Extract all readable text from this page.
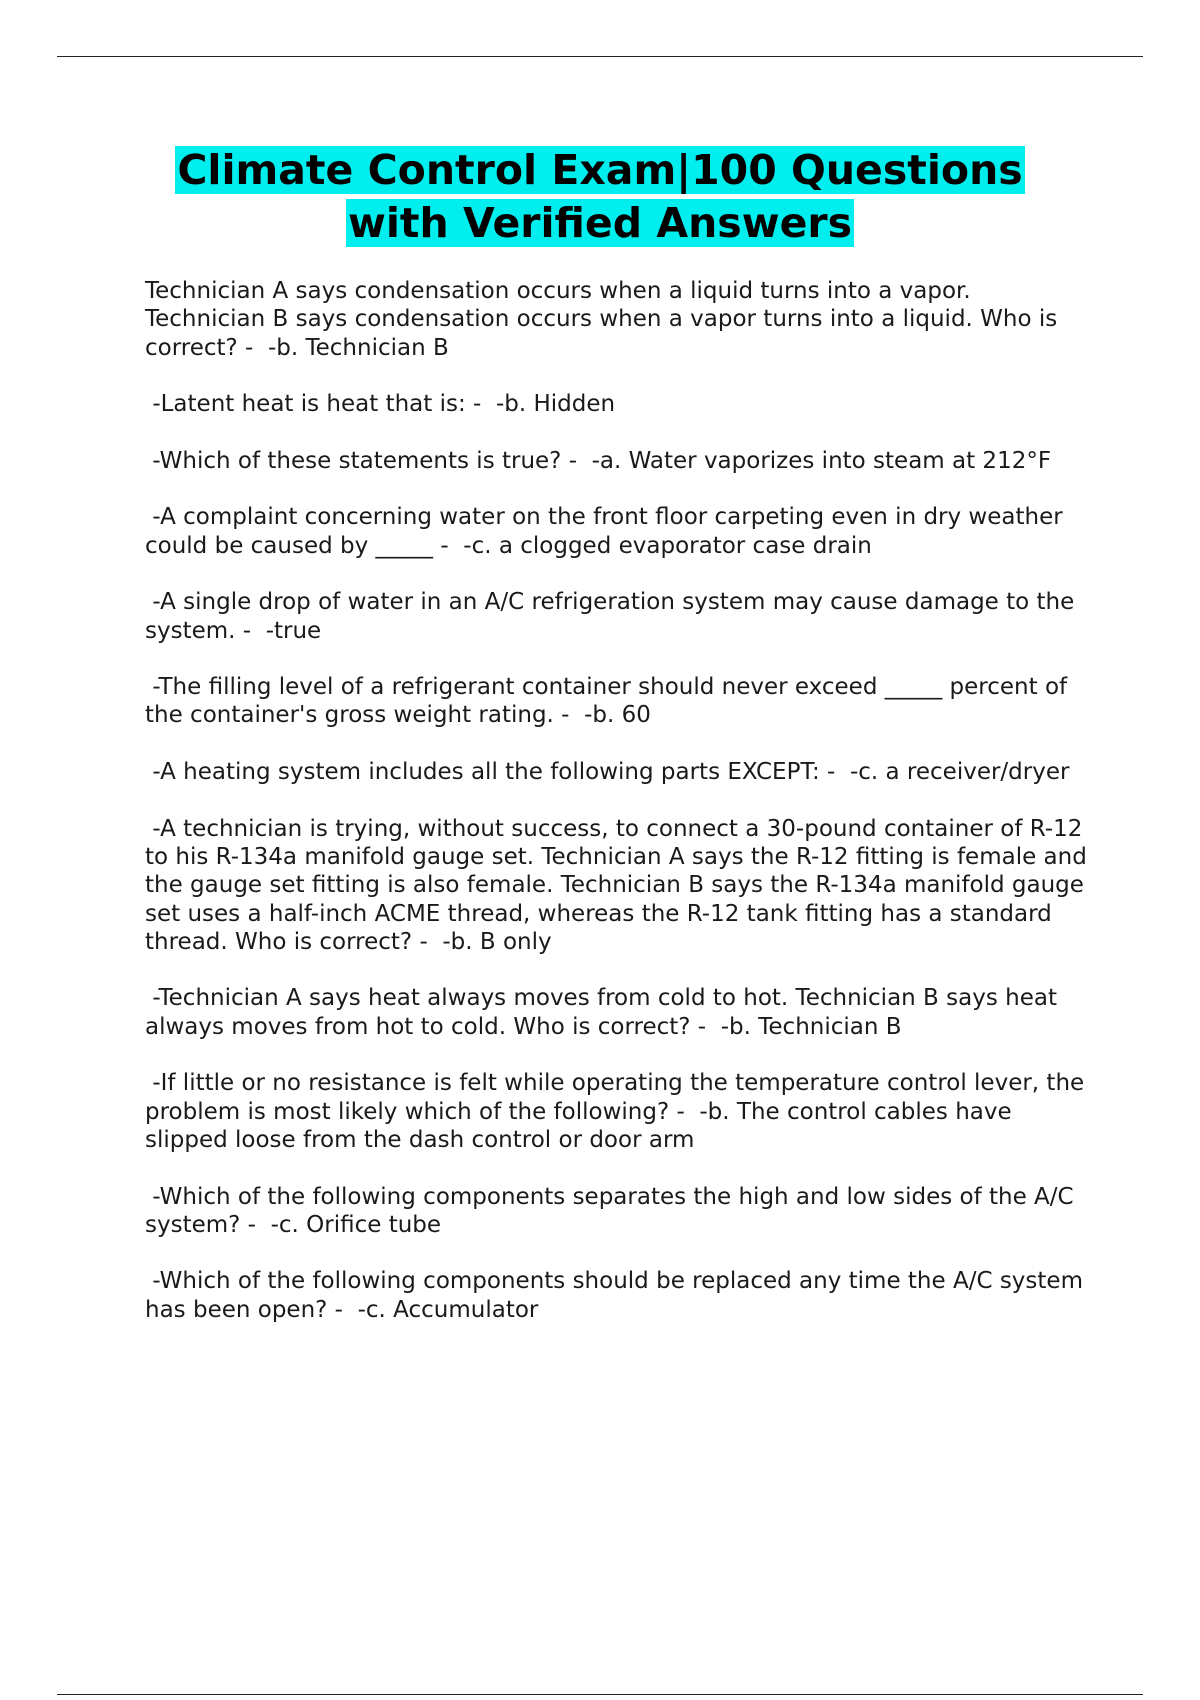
Climate Control Exam|100 Questions
with Verified Answers
Technician A says condensation occurs when a liquid turns into a vapor. Technician B says condensation occurs when a vapor turns into a liquid. Who is correct? -  -b. Technician B
-Latent heat is heat that is: -  -b. Hidden
-Which of these statements is true? -  -a. Water vaporizes into steam at 212°F
-A complaint concerning water on the front floor carpeting even in dry weather could be caused by _____ -  -c. a clogged evaporator case drain
-A single drop of water in an A/C refrigeration system may cause damage to the system. -  -true
-The filling level of a refrigerant container should never exceed _____ percent of the container's gross weight rating. -  -b. 60
-A heating system includes all the following parts EXCEPT: -  -c. a receiver/dryer
-A technician is trying, without success, to connect a 30-pound container of R-12 to his R-134a manifold gauge set. Technician A says the R-12 fitting is female and the gauge set fitting is also female. Technician B says the R-134a manifold gauge set uses a half-inch ACME thread, whereas the R-12 tank fitting has a standard thread. Who is correct? -  -b. B only
-Technician A says heat always moves from cold to hot. Technician B says heat always moves from hot to cold. Who is correct? -  -b. Technician B
-If little or no resistance is felt while operating the temperature control lever, the problem is most likely which of the following? -  -b. The control cables have slipped loose from the dash control or door arm
-Which of the following components separates the high and low sides of the A/C system? -  -c. Orifice tube
-Which of the following components should be replaced any time the A/C system has been open? -  -c. Accumulator
